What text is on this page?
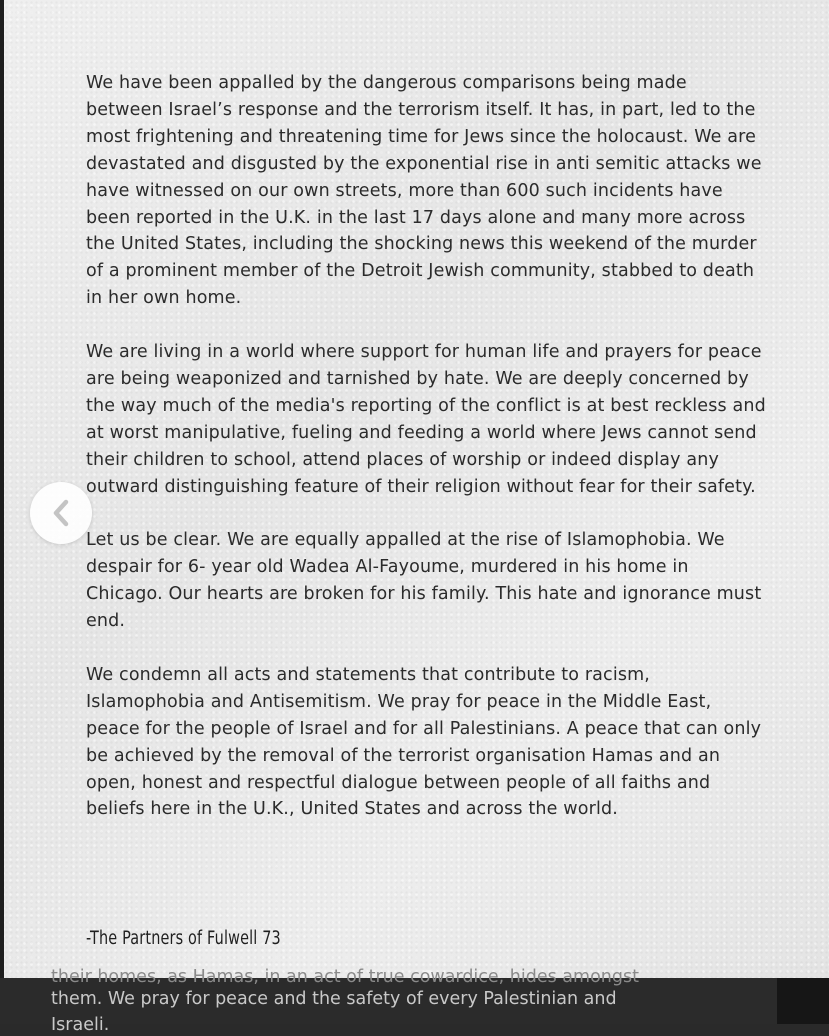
We have been appalled by the dangerous comparisons being made between Israel’s response and the terrorism itself. It has, in part, led to the most frightening and threatening time for Jews since the holocaust. We are devastated and disgusted by the exponential rise in anti semitic attacks we have witnessed on our own streets, more than 600 such incidents have been reported in the U.K. in the last 17 days alone and many more across the United States, including the shocking news this weekend of the murder of a prominent member of the Detroit Jewish community, stabbed to death in her own home.

We are living in a world where support for human life and prayers for peace are being weaponized and tarnished by hate. We are deeply concerned by the way much of the media's reporting of the conflict is at best reckless and at worst manipulative, fueling and feeding a world where Jews cannot send their children to school, attend places of worship or indeed display any outward distinguishing feature of their religion without fear for their safety.

Let us be clear. We are equally appalled at the rise of Islamophobia. We despair for 6- year old Wadea Al-Fayoume, murdered in his home in Chicago. Our hearts are broken for his family. This hate and ignorance must end.

We condemn all acts and statements that contribute to racism, Islamophobia and Antisemitism. We pray for peace in the Middle East, peace for the people of Israel and for all Palestinians. A peace that can only be achieved by the removal of the terrorist organisation Hamas and an open, honest and respectful dialogue between people of all faiths and beliefs here in the U.K., United States and across the world.

-The Partners of Fulwell 73
their homes, as Hamas, in an act of true cowardice, hides amongst
them. We pray for peace and the safety of every Palestinian and
Israeli.
